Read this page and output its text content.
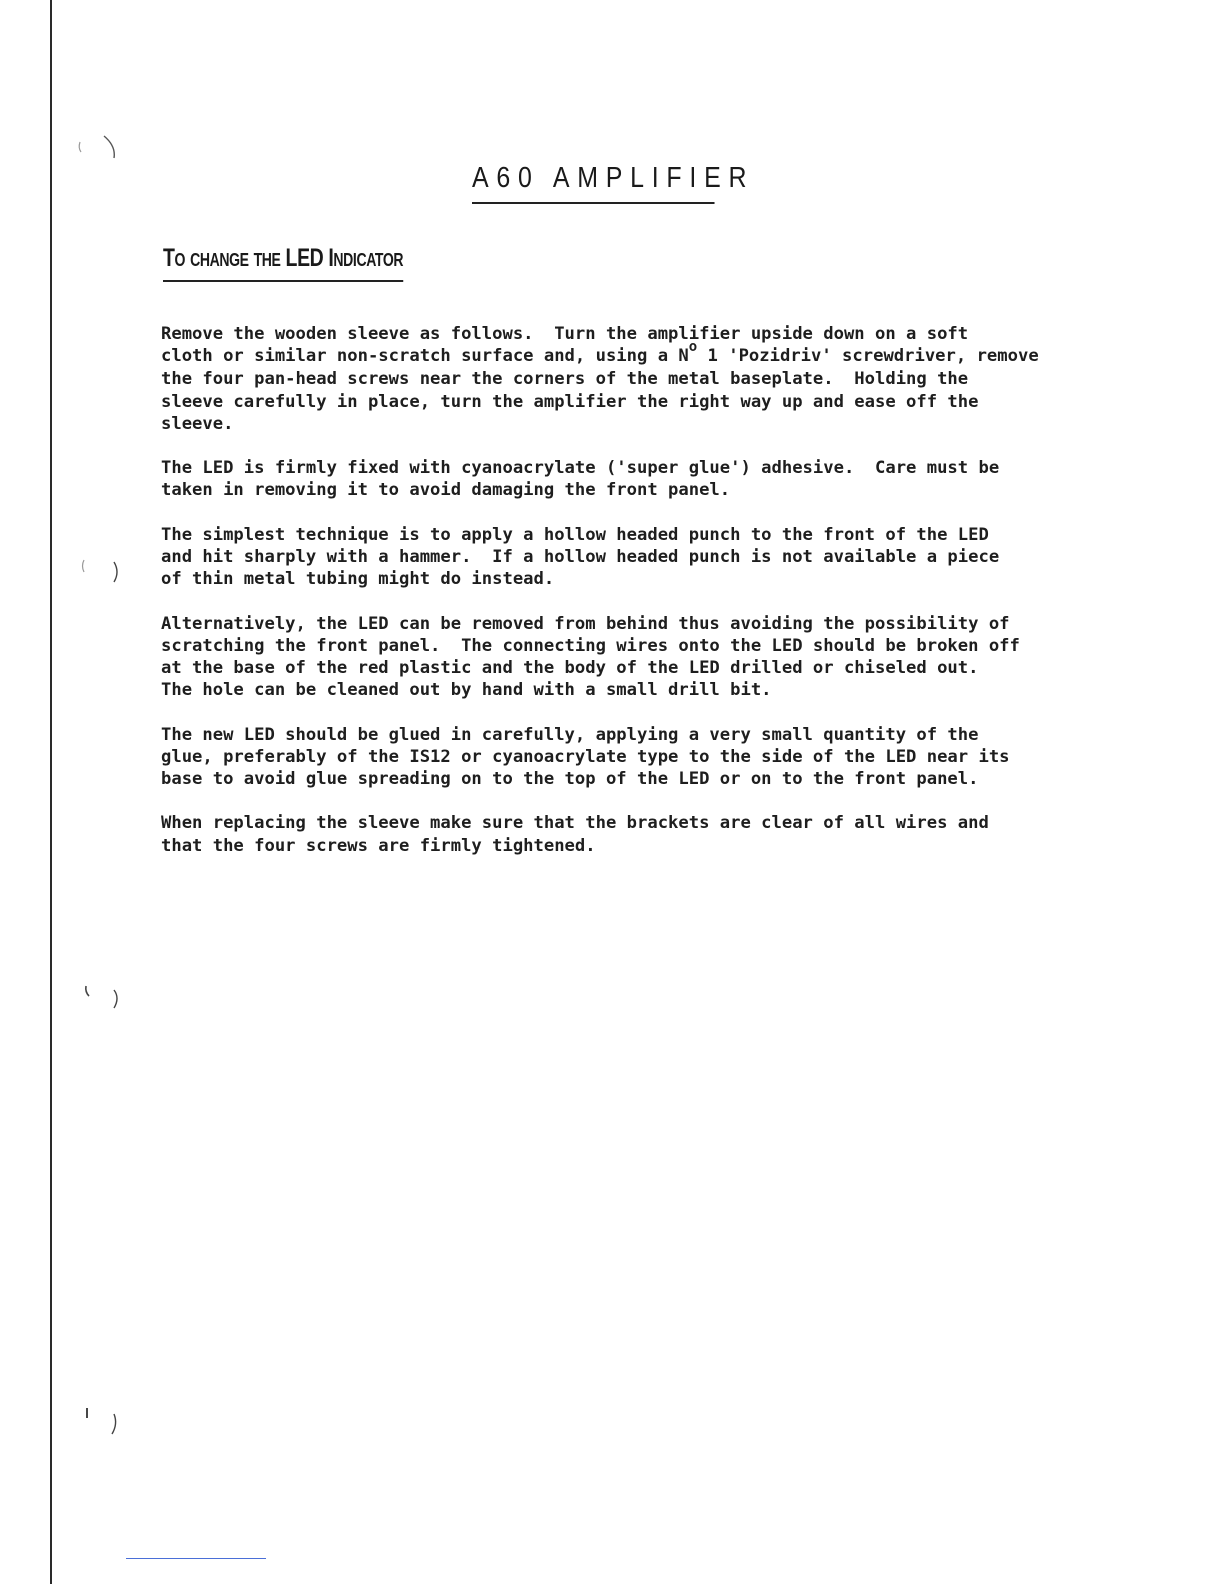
A60 AMPLIFIER
To change the LED Indicator

Remove the wooden sleeve as follows.  Turn the amplifier upside down on a soft
cloth or similar non-scratch surface and, using a $N^o$ 1 'Pozidriv' screwdriver, remove
the four pan-head screws near the corners of the metal baseplate.  Holding the
sleeve carefully in place, turn the amplifier the right way up and ease off the
sleeve.

The LED is firmly fixed with cyanoacrylate ('super glue') adhesive.  Care must be
taken in removing it to avoid damaging the front panel.

The simplest technique is to apply a hollow headed punch to the front of the LED
and hit sharply with a hammer.  If a hollow headed punch is not available a piece
of thin metal tubing might do instead.

Alternatively, the LED can be removed from behind thus avoiding the possibility of
scratching the front panel.  The connecting wires onto the LED should be broken off
at the base of the red plastic and the body of the LED drilled or chiseled out.
The hole can be cleaned out by hand with a small drill bit.

The new LED should be glued in carefully, applying a very small quantity of the
glue, preferably of the IS12 or cyanoacrylate type to the side of the LED near its
base to avoid glue spreading on to the top of the LED or on to the front panel.

When replacing the sleeve make sure that the brackets are clear of all wires and
that the four screws are firmly tightened.
